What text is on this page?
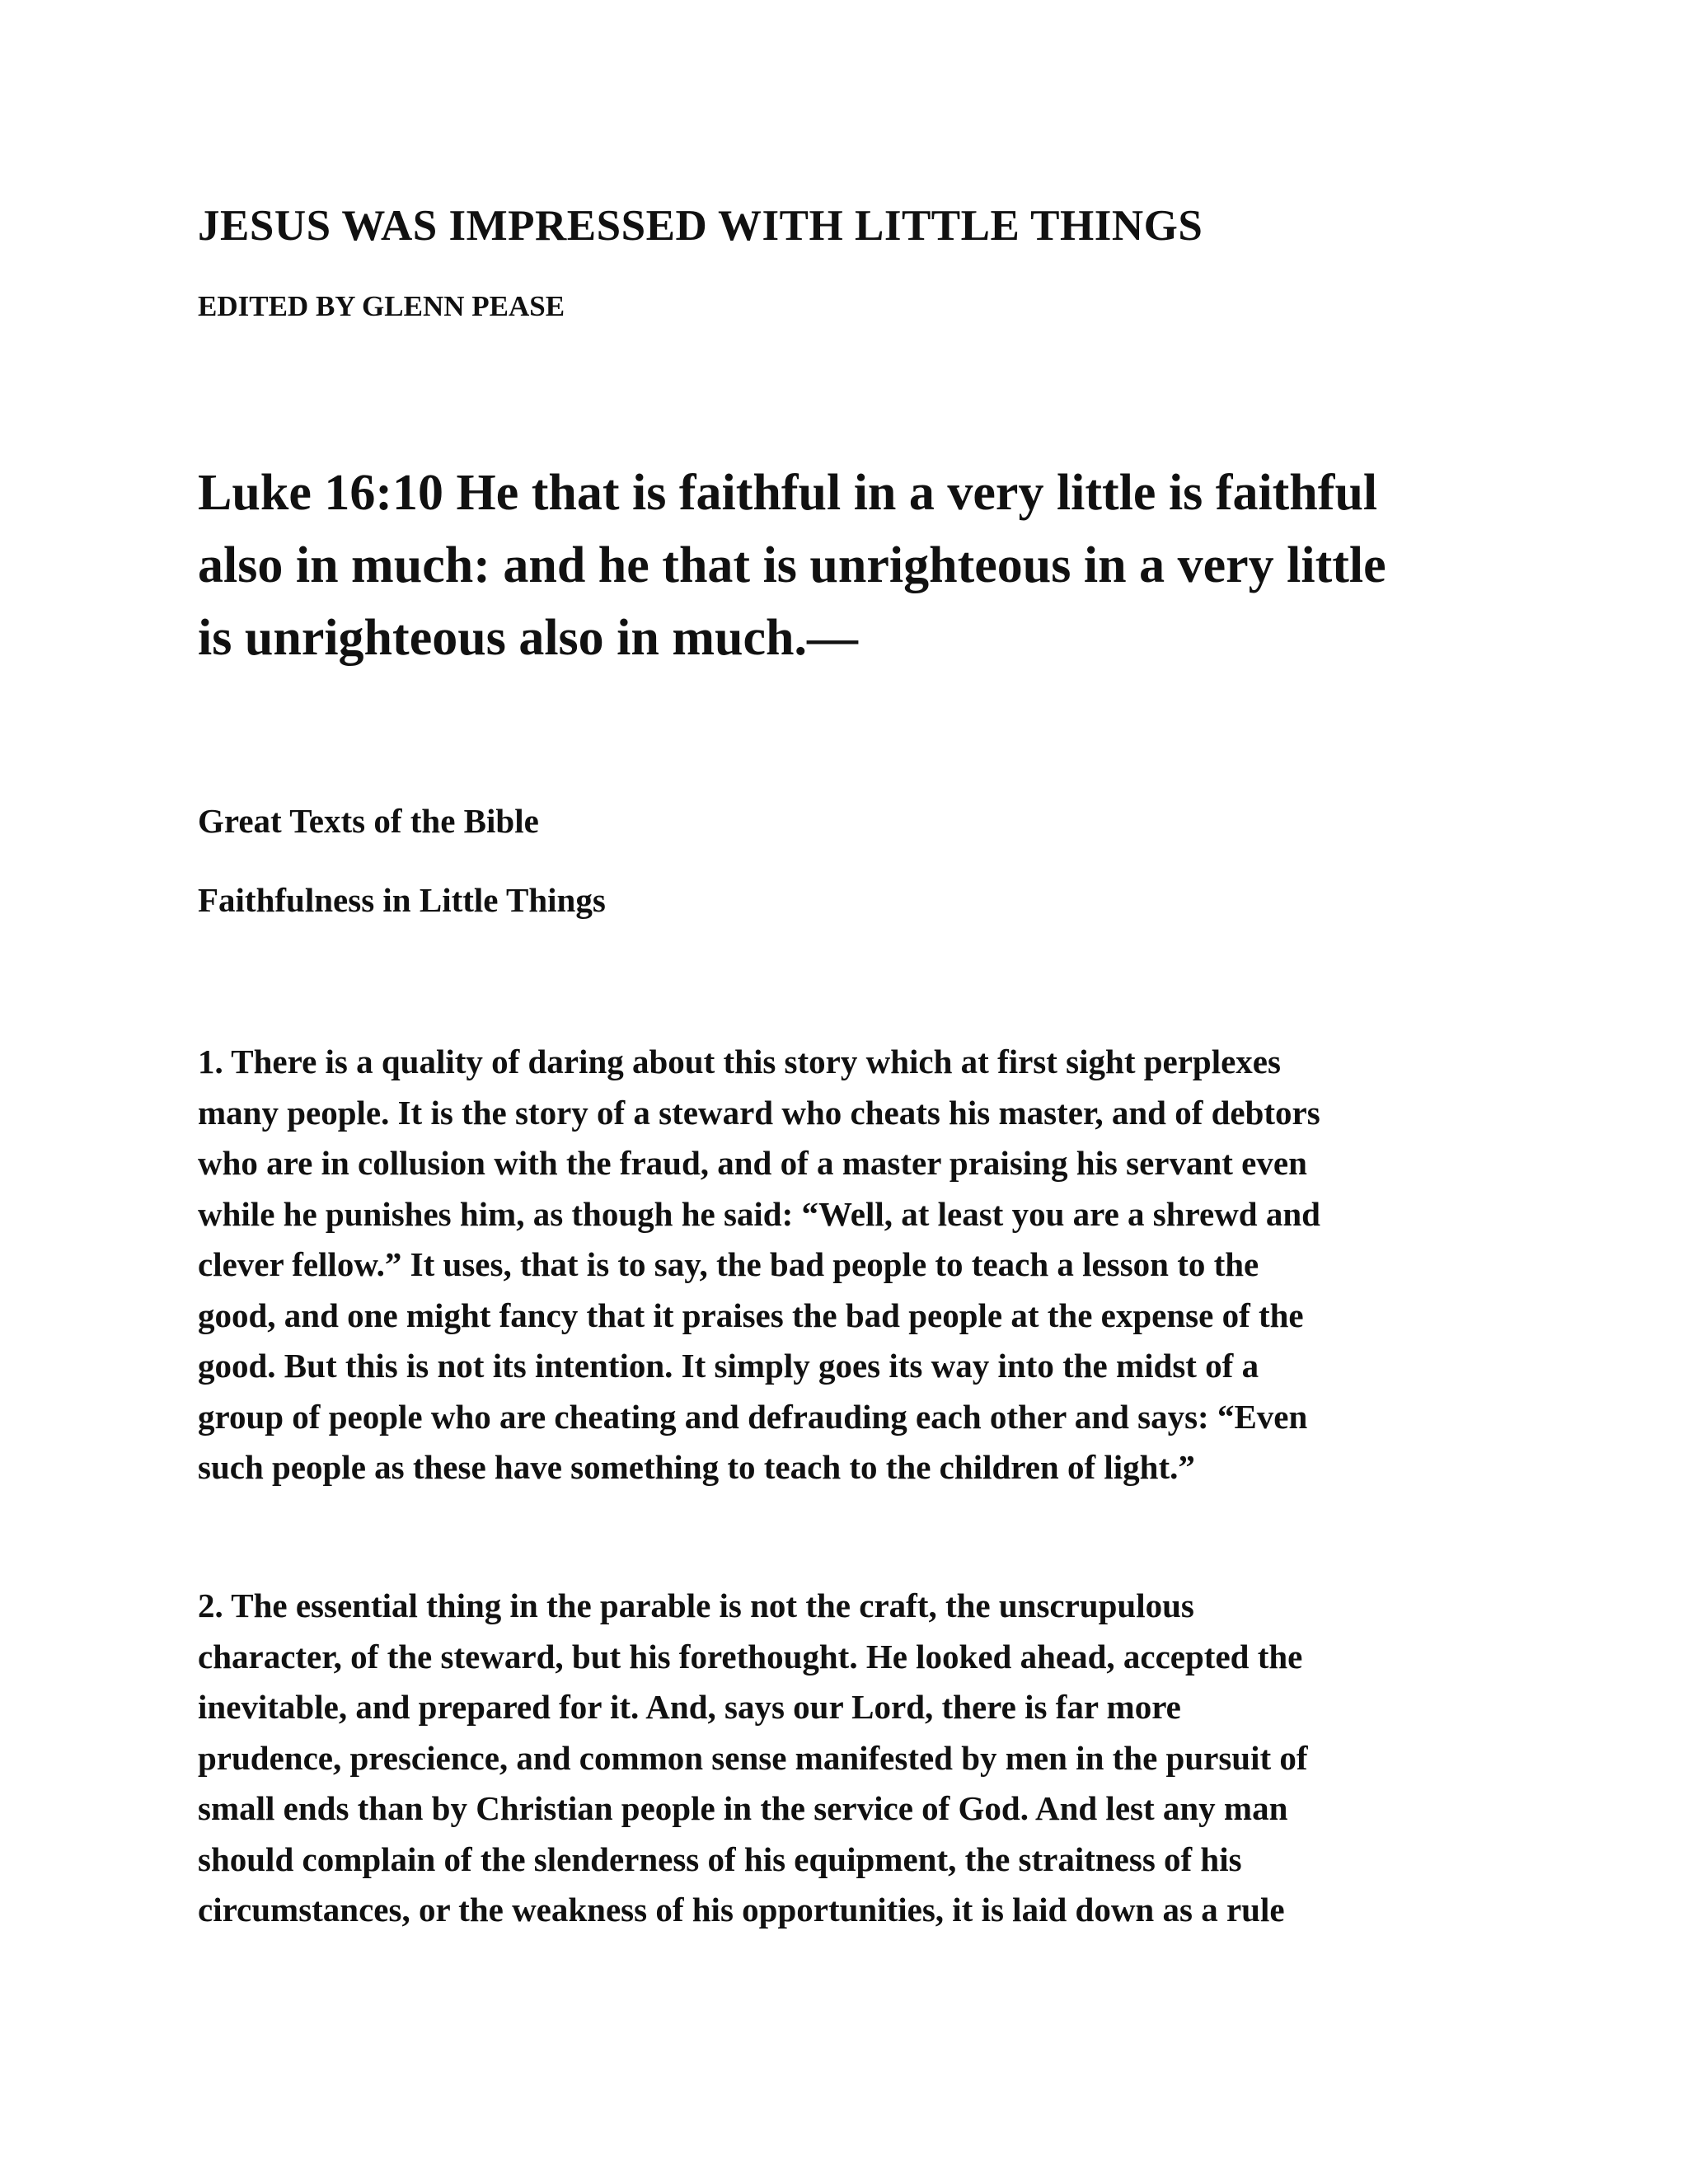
JESUS WAS IMPRESSED WITH LITTLE THINGS
EDITED BY GLENN PEASE
Luke 16:10 He that is faithful in a very little is faithful
also in much: and he that is unrighteous in a very little
is unrighteous also in much.—
Great Texts of the Bible
Faithfulness in Little Things
1. There is a quality of daring about this story which at first sight perplexes
many people. It is the story of a steward who cheats his master, and of debtors
who are in collusion with the fraud, and of a master praising his servant even
while he punishes him, as though he said: “Well, at least you are a shrewd and
clever fellow.” It uses, that is to say, the bad people to teach a lesson to the
good, and one might fancy that it praises the bad people at the expense of the
good. But this is not its intention. It simply goes its way into the midst of a
group of people who are cheating and defrauding each other and says: “Even
such people as these have something to teach to the children of light.”
2. The essential thing in the parable is not the craft, the unscrupulous
character, of the steward, but his forethought. He looked ahead, accepted the
inevitable, and prepared for it. And, says our Lord, there is far more
prudence, prescience, and common sense manifested by men in the pursuit of
small ends than by Christian people in the service of God. And lest any man
should complain of the slenderness of his equipment, the straitness of his
circumstances, or the weakness of his opportunities, it is laid down as a rule
